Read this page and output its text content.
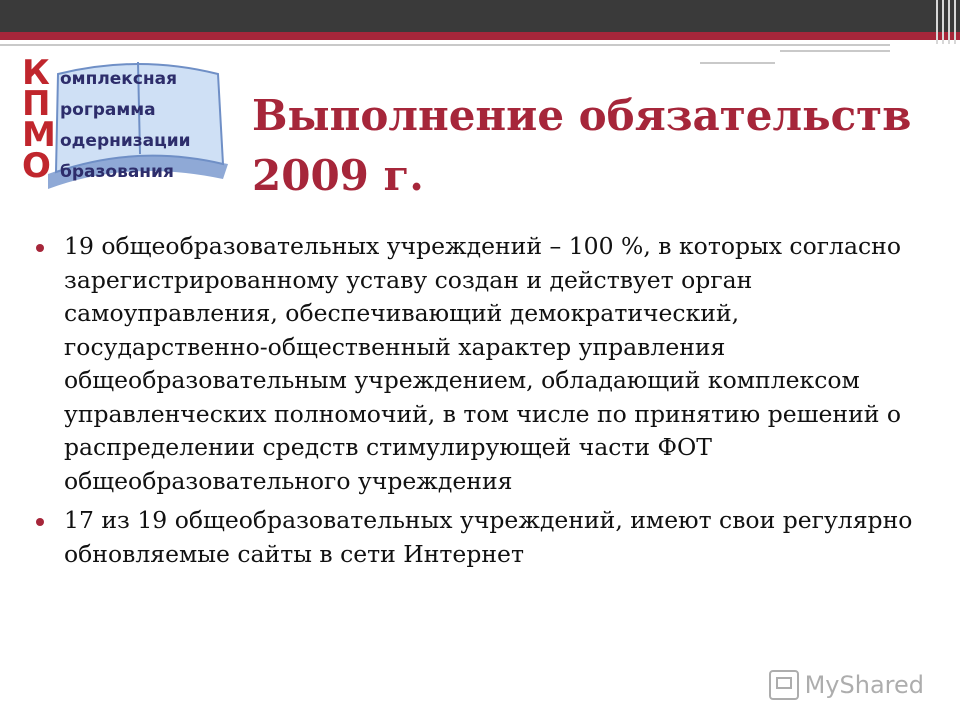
К
П
М
О
омплексная
рограмма
одернизации
бразования
Выполнение обязательств 2009 г.
19 общеобразовательных учреждений – 100 %, в которых согласно зарегистрированному уставу создан и действует орган самоуправления, обеспечивающий демократический, государственно-общественный характер управления общеобразовательным учреждением, обладающий комплексом управленческих полномочий, в том числе по принятию решений о распределении средств стимулирующей части ФОТ общеобразовательного учреждения
17 из 19 общеобразовательных учреждений, имеют свои регулярно обновляемые сайты в сети Интернет
MyShared
